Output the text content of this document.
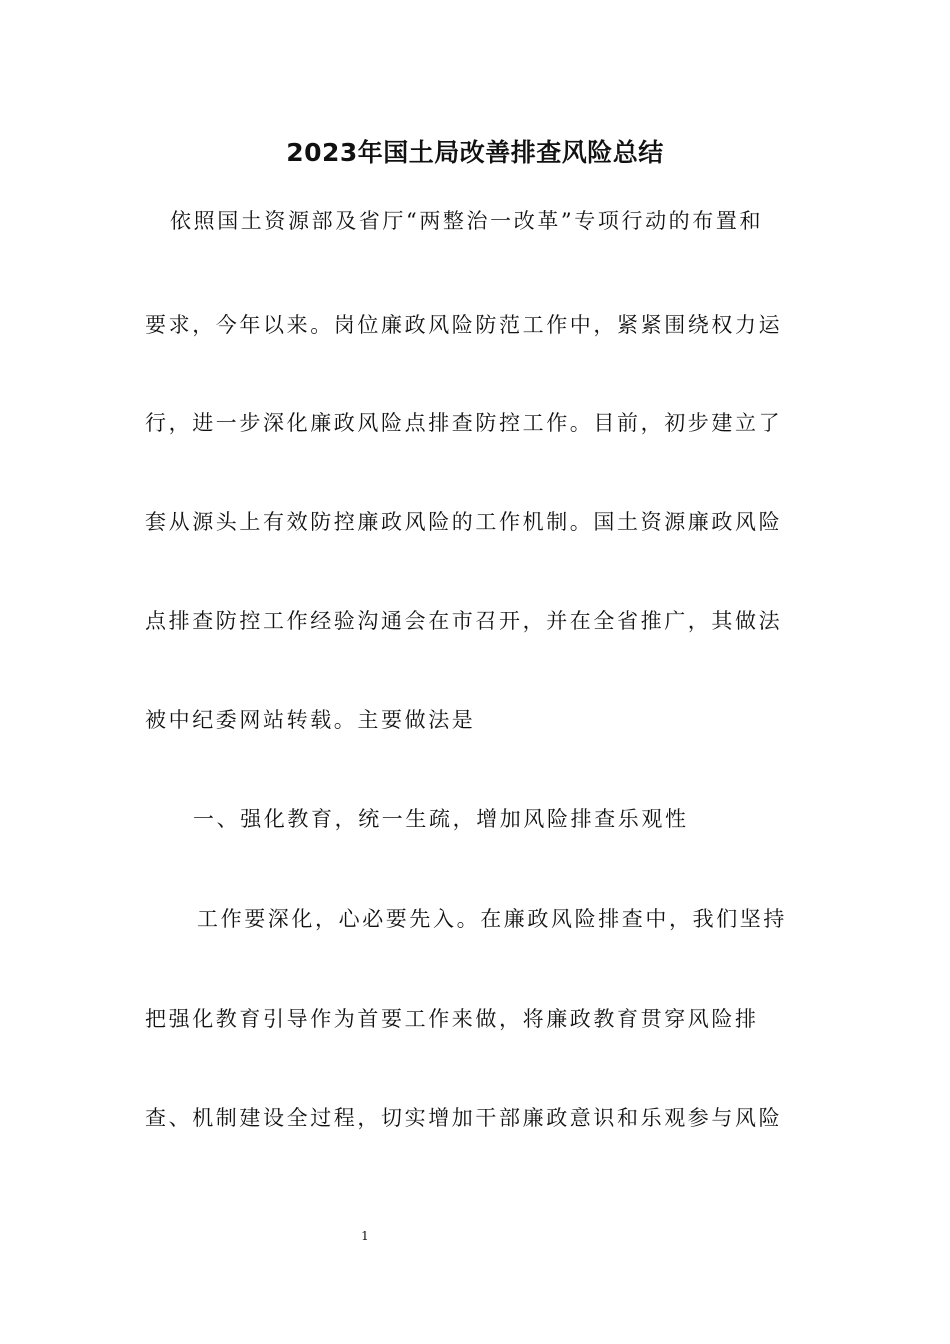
2023年国土局改善排查风险总结
依照国土资源部及省厅“两整治一改革”专项行动的布置和
要求，今年以来。岗位廉政风险防范工作中，紧紧围绕权力运
行，进一步深化廉政风险点排查防控工作。目前，初步建立了
套从源头上有效防控廉政风险的工作机制。国土资源廉政风险
点排查防控工作经验沟通会在市召开，并在全省推广，其做法
被中纪委网站转载。主要做法是
一、强化教育，统一生疏，增加风险排查乐观性
工作要深化，心必要先入。在廉政风险排查中，我们坚持
把强化教育引导作为首要工作来做，将廉政教育贯穿风险排
查、机制建设全过程，切实增加干部廉政意识和乐观参与风险
1
